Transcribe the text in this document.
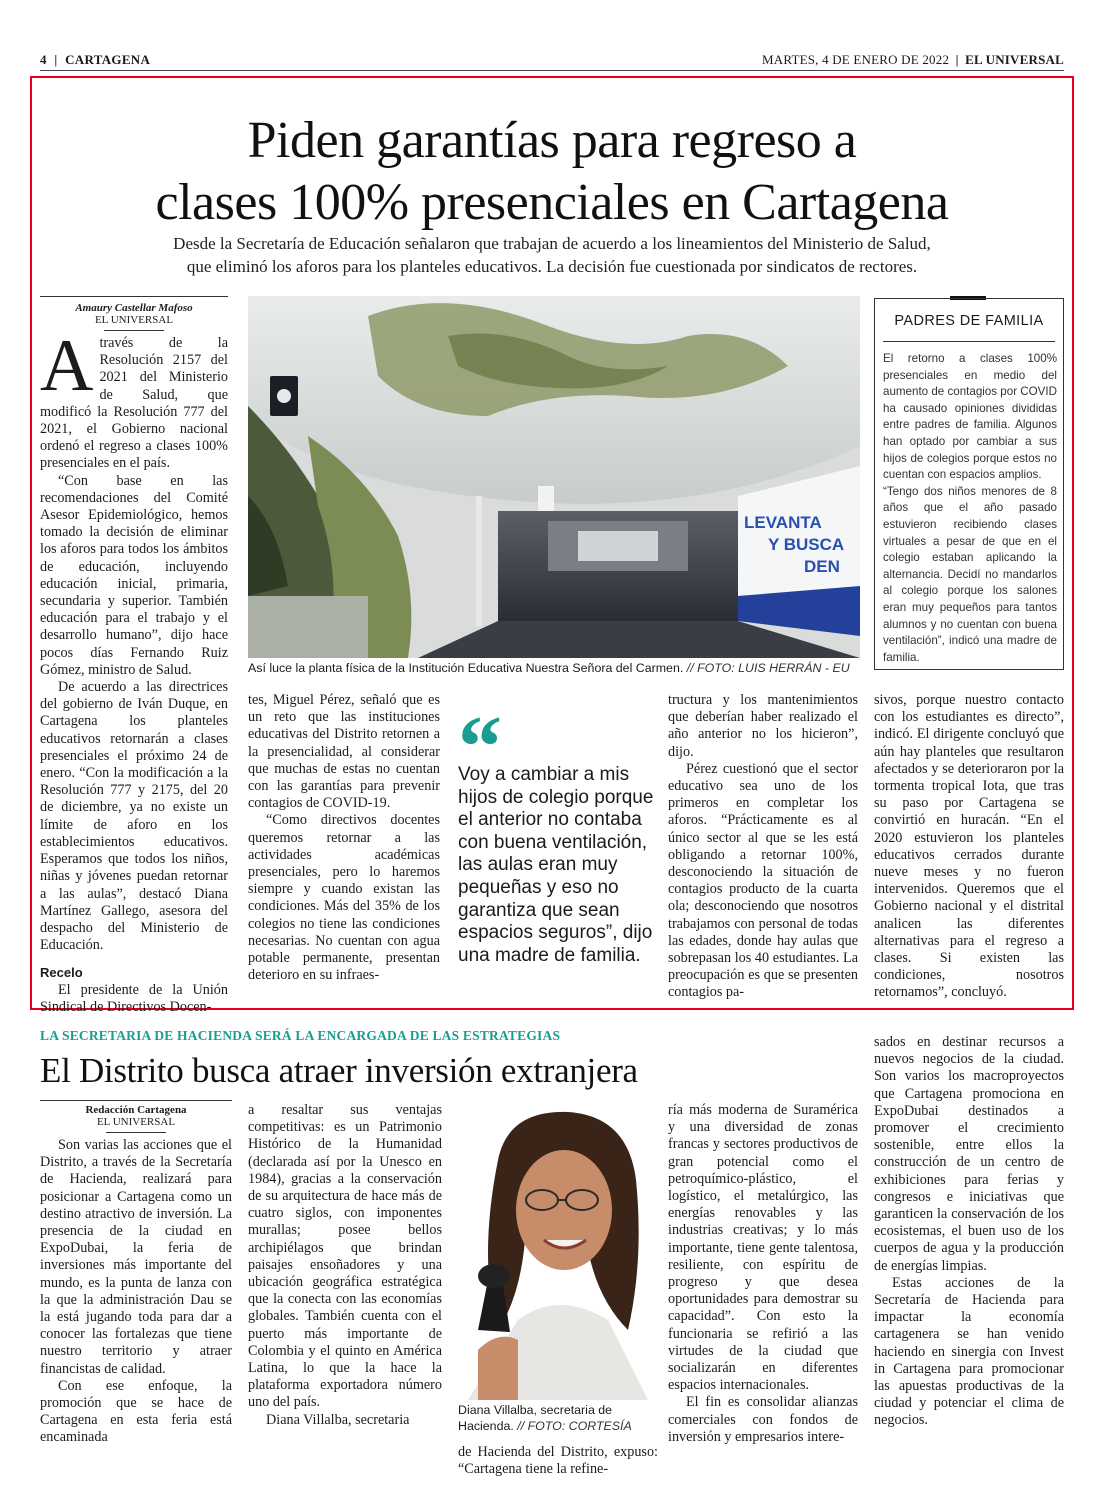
4 | CARTAGENA	MARTES, 4 DE ENERO DE 2022 | EL UNIVERSAL
Piden garantías para regreso a
clases 100% presenciales en Cartagena
Desde la Secretaría de Educación señalaron que trabajan de acuerdo a los lineamientos del Ministerio de Salud,
que eliminó los aforos para los planteles educativos. La decisión fue cuestionada por sindicatos de rectores.
Amaury Castellar Mafoso
EL UNIVERSAL

Através de la Resolución 2157 del 2021 del Ministerio de Salud, que modificó la Resolución 777 del 2021, el Gobierno nacional ordenó el regreso a clases 100% presenciales en el país.

“Con base en las recomendaciones del Comité Asesor Epidemiológico, hemos tomado la decisión de eliminar los aforos para todos los ámbitos de educación, incluyendo educación inicial, primaria, secundaria y superior. También educación para el trabajo y el desarrollo humano”, dijo hace pocos días Fernando Ruiz Gómez, ministro de Salud.

De acuerdo a las directrices del gobierno de Iván Duque, en Cartagena los planteles educativos retornarán a clases presenciales el próximo 24 de enero. “Con la modificación a la Resolución 777 y 2175, del 20 de diciembre, ya no existe un límite de aforo en los establecimientos educativos. Esperamos que todos los niños, niñas y jóvenes puedan retornar a las aulas”, destacó Diana Martínez Gallego, asesora del despacho del Ministerio de Educación.

Recelo

El presidente de la Unión Sindical de Directivos Docen-

LEVANTA
Y BUSCA
DEN
Así luce la planta física de la Institución Educativa Nuestra Señora del Carmen. // FOTO: LUIS HERRÁN - EU
PADRES DE FAMILIA

El retorno a clases 100% presenciales en medio del aumento de contagios por COVID ha causado opiniones divididas entre padres de familia. Algunos han optado por cambiar a sus hijos de colegios porque estos no cuentan con espacios amplios.

“Tengo dos niños menores de 8 años que el año pasado estuvieron recibiendo clases virtuales a pesar de que en el colegio estaban aplicando la alternancia. Decidí no mandarlos al colegio porque los salones eran muy pequeños para tantos alumnos y no cuentan con buena ventilación”, indicó una madre de familia.

tes, Miguel Pérez, señaló que es un reto que las instituciones educativas del Distrito retornen a la presencialidad, al considerar que muchas de estas no cuentan con las garantías para prevenir contagios de COVID-19.

“Como directivos docentes queremos retornar a las actividades académicas presenciales, pero lo haremos siempre y cuando existan las condiciones. Más del 35% de los colegios no tiene las condiciones necesarias. No cuentan con agua potable permanente, presentan deterioro en su infraes-

“
Voy a cambiar a mis hijos de colegio porque el anterior no contaba con buena ventilación, las aulas eran muy pequeñas y eso no garantiza que sean espacios seguros”, dijo una madre de familia.

tructura y los mantenimientos que deberían haber realizado el año anterior no los hicieron”, dijo.

Pérez cuestionó que el sector educativo sea uno de los primeros en completar los aforos. “Prácticamente es al único sector al que se les está obligando a retornar 100%, desconociendo la situación de contagios producto de la cuarta ola; desconociendo que nosotros trabajamos con personal de todas las edades, donde hay aulas que sobrepasan los 40 estudiantes. La preocupación es que se presenten contagios pa-

sivos, porque nuestro contacto con los estudiantes es directo”, indicó. El dirigente concluyó que aún hay planteles que resultaron afectados y se deterioraron por la tormenta tropical Iota, que tras su paso por Cartagena se convirtió en huracán. “En el 2020 estuvieron los planteles educativos cerrados durante nueve meses y no fueron intervenidos. Queremos que el Gobierno nacional y el distrital analicen las diferentes alternativas para el regreso a clases. Si existen las condiciones, nosotros retornamos”, concluyó.

LA SECRETARIA DE HACIENDA SERÁ LA ENCARGADA DE LAS ESTRATEGIAS
El Distrito busca atraer inversión extranjera
Redacción Cartagena
EL UNIVERSAL

Son varias las acciones que el Distrito, a través de la Secretaría de Hacienda, realizará para posicionar a Cartagena como un destino atractivo de inversión. La presencia de la ciudad en ExpoDubai, la feria de inversiones más importante del mundo, es la punta de lanza con la que la administración Dau se la está jugando toda para dar a conocer las fortalezas que tiene nuestro territorio y atraer financistas de calidad.

Con ese enfoque, la promoción que se hace de Cartagena en esta feria está encaminada

a resaltar sus ventajas competitivas: es un Patrimonio Histórico de la Humanidad (declarada así por la Unesco en 1984), gracias a la conservación de su arquitectura de hace más de cuatro siglos, con imponentes murallas; posee bellos archipiélagos que brindan paisajes ensoñadores y una ubicación geográfica estratégica que la conecta con las economías globales. También cuenta con el puerto más importante de Colombia y el quinto en América Latina, lo que la hace la plataforma exportadora número uno del país.

Diana Villalba, secretaria

Diana Villalba, secretaria de Hacienda. // FOTO: CORTESÍA

de Hacienda del Distrito, expuso: “Cartagena tiene la refine-

ría más moderna de Suramérica y una diversidad de zonas francas y sectores productivos de gran potencial como el petroquímico-plástico, el logístico, el metalúrgico, las energías renovables y las industrias creativas; y lo más importante, tiene gente talentosa, resiliente, con espíritu de progreso y que desea oportunidades para demostrar su capacidad”. Con esto la funcionaria se refirió a las virtudes de la ciudad que socializarán en diferentes espacios internacionales.

El fin es consolidar alianzas comerciales con fondos de inversión y empresarios intere-

sados en destinar recursos a nuevos negocios de la ciudad. Son varios los macroproyectos que Cartagena promociona en ExpoDubai destinados a promover el crecimiento sostenible, entre ellos la construcción de un centro de exhibiciones para ferias y congresos e iniciativas que garanticen la conservación de los ecosistemas, el buen uso de los cuerpos de agua y la producción de energías limpias.

Estas acciones de la Secretaría de Hacienda para impactar la economía cartagenera se han venido haciendo en sinergia con Invest in Cartagena para promocionar las apuestas productivas de la ciudad y potenciar el clima de negocios.
